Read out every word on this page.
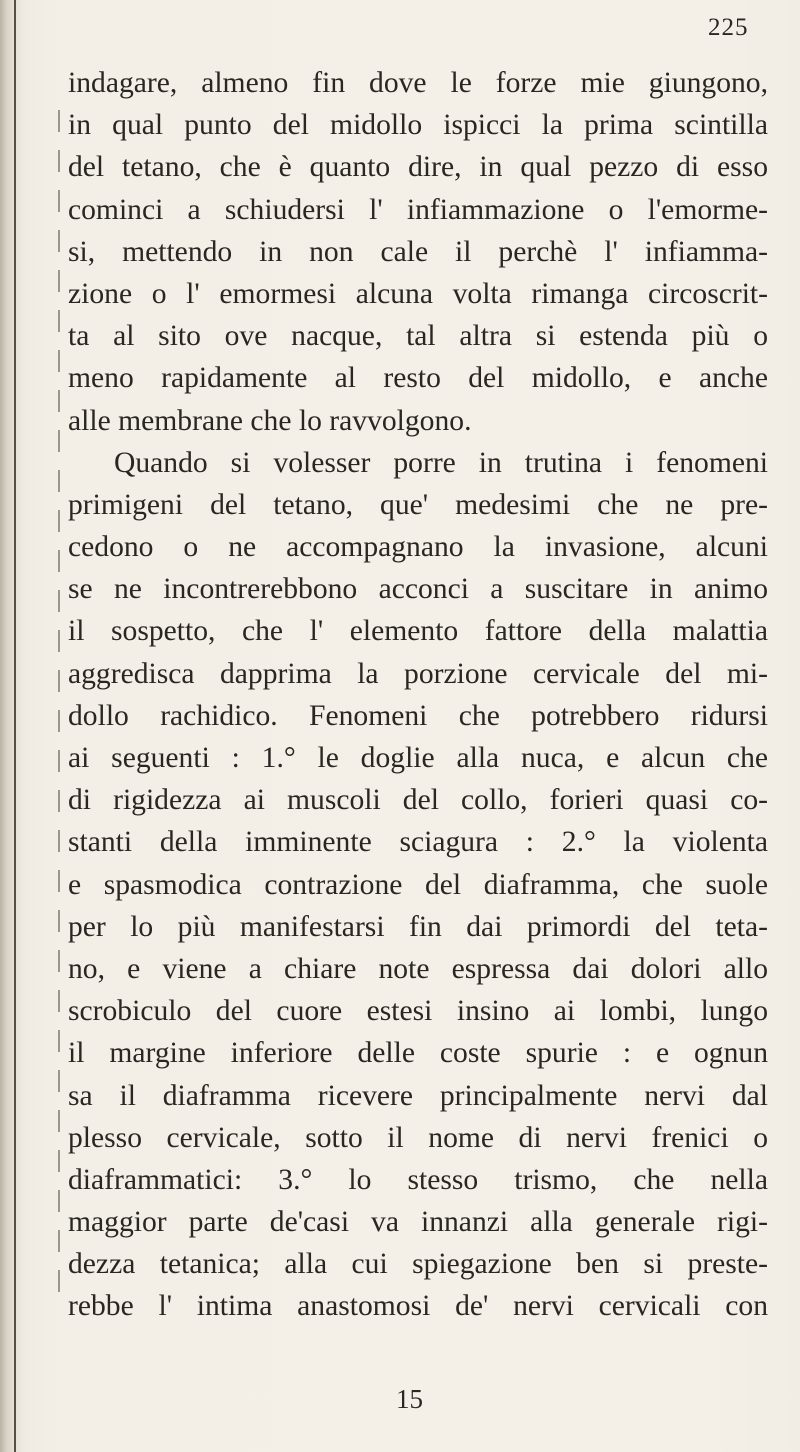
225
indagare, almeno fin dove le forze mie giungono,
in qual punto del midollo ispicci la prima scintilla
del tetano, che è quanto dire, in qual pezzo di esso
cominci a schiudersi l' infiammazione o l'emorme-
si, mettendo in non cale il perchè l' infiamma-
zione o l' emormesi alcuna volta rimanga circoscrit-
ta al sito ove nacque, tal altra si estenda più o
meno rapidamente al resto del midollo, e anche
alle membrane che lo ravvolgono.
Quando si volesser porre in trutina i fenomeni
primigeni del tetano, que' medesimi che ne pre-
cedono o ne accompagnano la invasione, alcuni
se ne incontrerebbono acconci a suscitare in animo
il sospetto, che l' elemento fattore della malattia
aggredisca dapprima la porzione cervicale del mi-
dollo rachidico. Fenomeni che potrebbero ridursi
ai seguenti : 1.° le doglie alla nuca, e alcun che
di rigidezza ai muscoli del collo, forieri quasi co-
stanti della imminente sciagura : 2.° la violenta
e spasmodica contrazione del diaframma, che suole
per lo più manifestarsi fin dai primordi del teta-
no, e viene a chiare note espressa dai dolori allo
scrobiculo del cuore estesi insino ai lombi, lungo
il margine inferiore delle coste spurie : e ognun
sa il diaframma ricevere principalmente nervi dal
plesso cervicale, sotto il nome di nervi frenici o
diaframmatici: 3.° lo stesso trismo, che nella
maggior parte de'casi va innanzi alla generale rigi-
dezza tetanica; alla cui spiegazione ben si preste-
rebbe l' intima anastomosi de' nervi cervicali con
15
